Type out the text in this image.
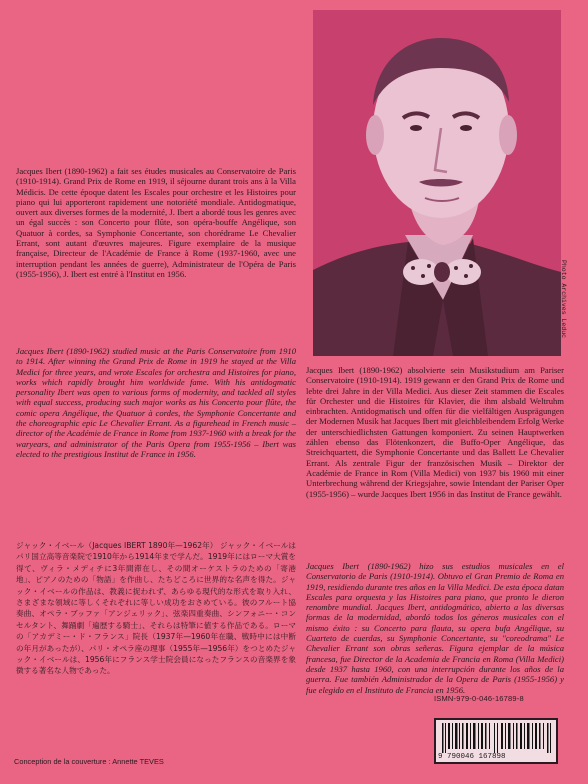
Photo Archives Leduc

Jacques Ibert (1890-1962) a fait ses études musicales au Conservatoire de Paris (1910-1914). Grand Prix de Rome en 1919, il séjourne durant trois ans à la Villa Médicis. De cette époque datent les Escales pour orchestre et les Histoires pour piano qui lui apporteront rapidement une notoriété mondiale. Antidogmatique, ouvert aux diverses formes de la modernité, J. Ibert a abordé tous les genres avec un égal succès : son Concerto pour flûte, son opéra-bouffe Angélique, son Quatuor à cordes, sa Symphonie Concertante, son chorédrame Le Chevalier Errant, sont autant d'œuvres majeures. Figure exemplaire de la musique française, Directeur de l'Académie de France à Rome (1937-1960, avec une interruption pendant les années de guerre), Administrateur de l'Opéra de Paris (1955-1956), J. Ibert est entré à l'Institut en 1956.

Jacques Ibert (1890-1962) studied music at the Paris Conservatoire from 1910 to 1914. After winning the Grand Prix de Rome in 1919 he stayed at the Villa Medici for three years, and wrote Escales for orchestra and Histoires for piano, works which rapidly brought him worldwide fame. With his antidogmatic personality Ibert was open to various forms of modernity, and tackled all styles with equal success, producing such major works as his Concerto pour flûte, the comic opera Angélique, the Quatuor à cordes, the Symphonie Concertante and the choreographic epic Le Chevalier Errant. As a figurehead in French music – director of the Académie de France in Rome from 1937-1960 with a break for the waryears, and administrator of the Paris Opera from 1955-1956 – Ibert was elected to the prestigious Institut de France in 1956.

ジャック・イベール（Jacques IBERT 1890年—1962年） ジャック・イベールはパリ国立高等音楽院で1910年から1914年まで学んだ。1919年にはローマ大賞を得て、ヴィラ・メディチに3年間滞在し、その間オーケストラのための「寄港地」、ピアノのための「物語」を作曲し、たちどころに世界的な名声を得た。ジャック・イベールの作品は、教義に捉われず、あらゆる現代的な形式を取り入れ、さまざまな領域に等しくそれぞれに等しい成功をおさめている。彼のフルート協奏曲、オペラ・ブッファ「アンジェリック」、弦楽四重奏曲、シンフォニー・コンセルタント、舞踊劇「遍歴する騎士」、それらは特筆に値する作品である。ローマの「アカデミー・ド・フランス」院長（1937年—1960年在職、戦時中には中断の年月があったが）、パリ・オペラ座の理事（1955年—1956年）をつとめたジャック・イベールは、1956年にフランス学士院会員になったフランスの音楽界を象徴する著名な人物であった。

Jacques Ibert (1890-1962) absolvierte sein Musikstudium am Pariser Conservatoire (1910-1914). 1919 gewann er den Grand Prix de Rome und lebte drei Jahre in der Villa Medici. Aus dieser Zeit stammen die Escales für Orchester und die Histoires für Klavier, die ihm alsbald Weltruhm einbrachten. Antidogmatisch und offen für die vielfältigen Ausprägungen der Modernen Musik hat Jacques Ibert mit gleichbleibendem Erfolg Werke der unterschiedlichsten Gattungen komponiert. Zu seinen Hauptwerken zählen ebenso das Flötenkonzert, die Buffo-Oper Angélique, das Streichquartett, die Symphonie Concertante und das Ballett Le Chevalier Errant. Als zentrale Figur der französischen Musik – Direktor der Académie de France in Rom (Villa Medici) von 1937 bis 1960 mit einer Unterbrechung während der Kriegsjahre, sowie Intendant der Pariser Oper (1955-1956) – wurde Jacques Ibert 1956 in das Institut de France gewählt.

Jacques Ibert (1890-1962) hizo sus estudios musicales en el Conservatorio de Paris (1910-1914). Obtuvo el Gran Premio de Roma en 1919, residiendo durante tres años en la Villa Medici. De esta época datan Escales para orquesta y las Histoires para piano, que pronto le dieron renombre mundial. Jacques Ibert, antidogmático, abierto a las diversas formas de la modernidad, abordó todos los géneros musicales con el mismo éxito : su Concerto para flauta, su opera bufa Angélique, su Cuarteto de cuerdas, su Symphonie Concertante, su "coreodrama" Le Chevalier Errant son obras señeras. Figura ejemplar de la música francesa, fue Director de la Academia de Francia en Roma (Villa Medici) desde 1937 hasta 1960, con una interrupción durante los años de la guerra. Fue también Administrador de la Opera de Paris (1955-1956) y fue elegido en el Instituto de Francia en 1956.

ISMN-979-0-046-16789-8
9 790046 167898
Conception de la couverture : Annette TEVES
